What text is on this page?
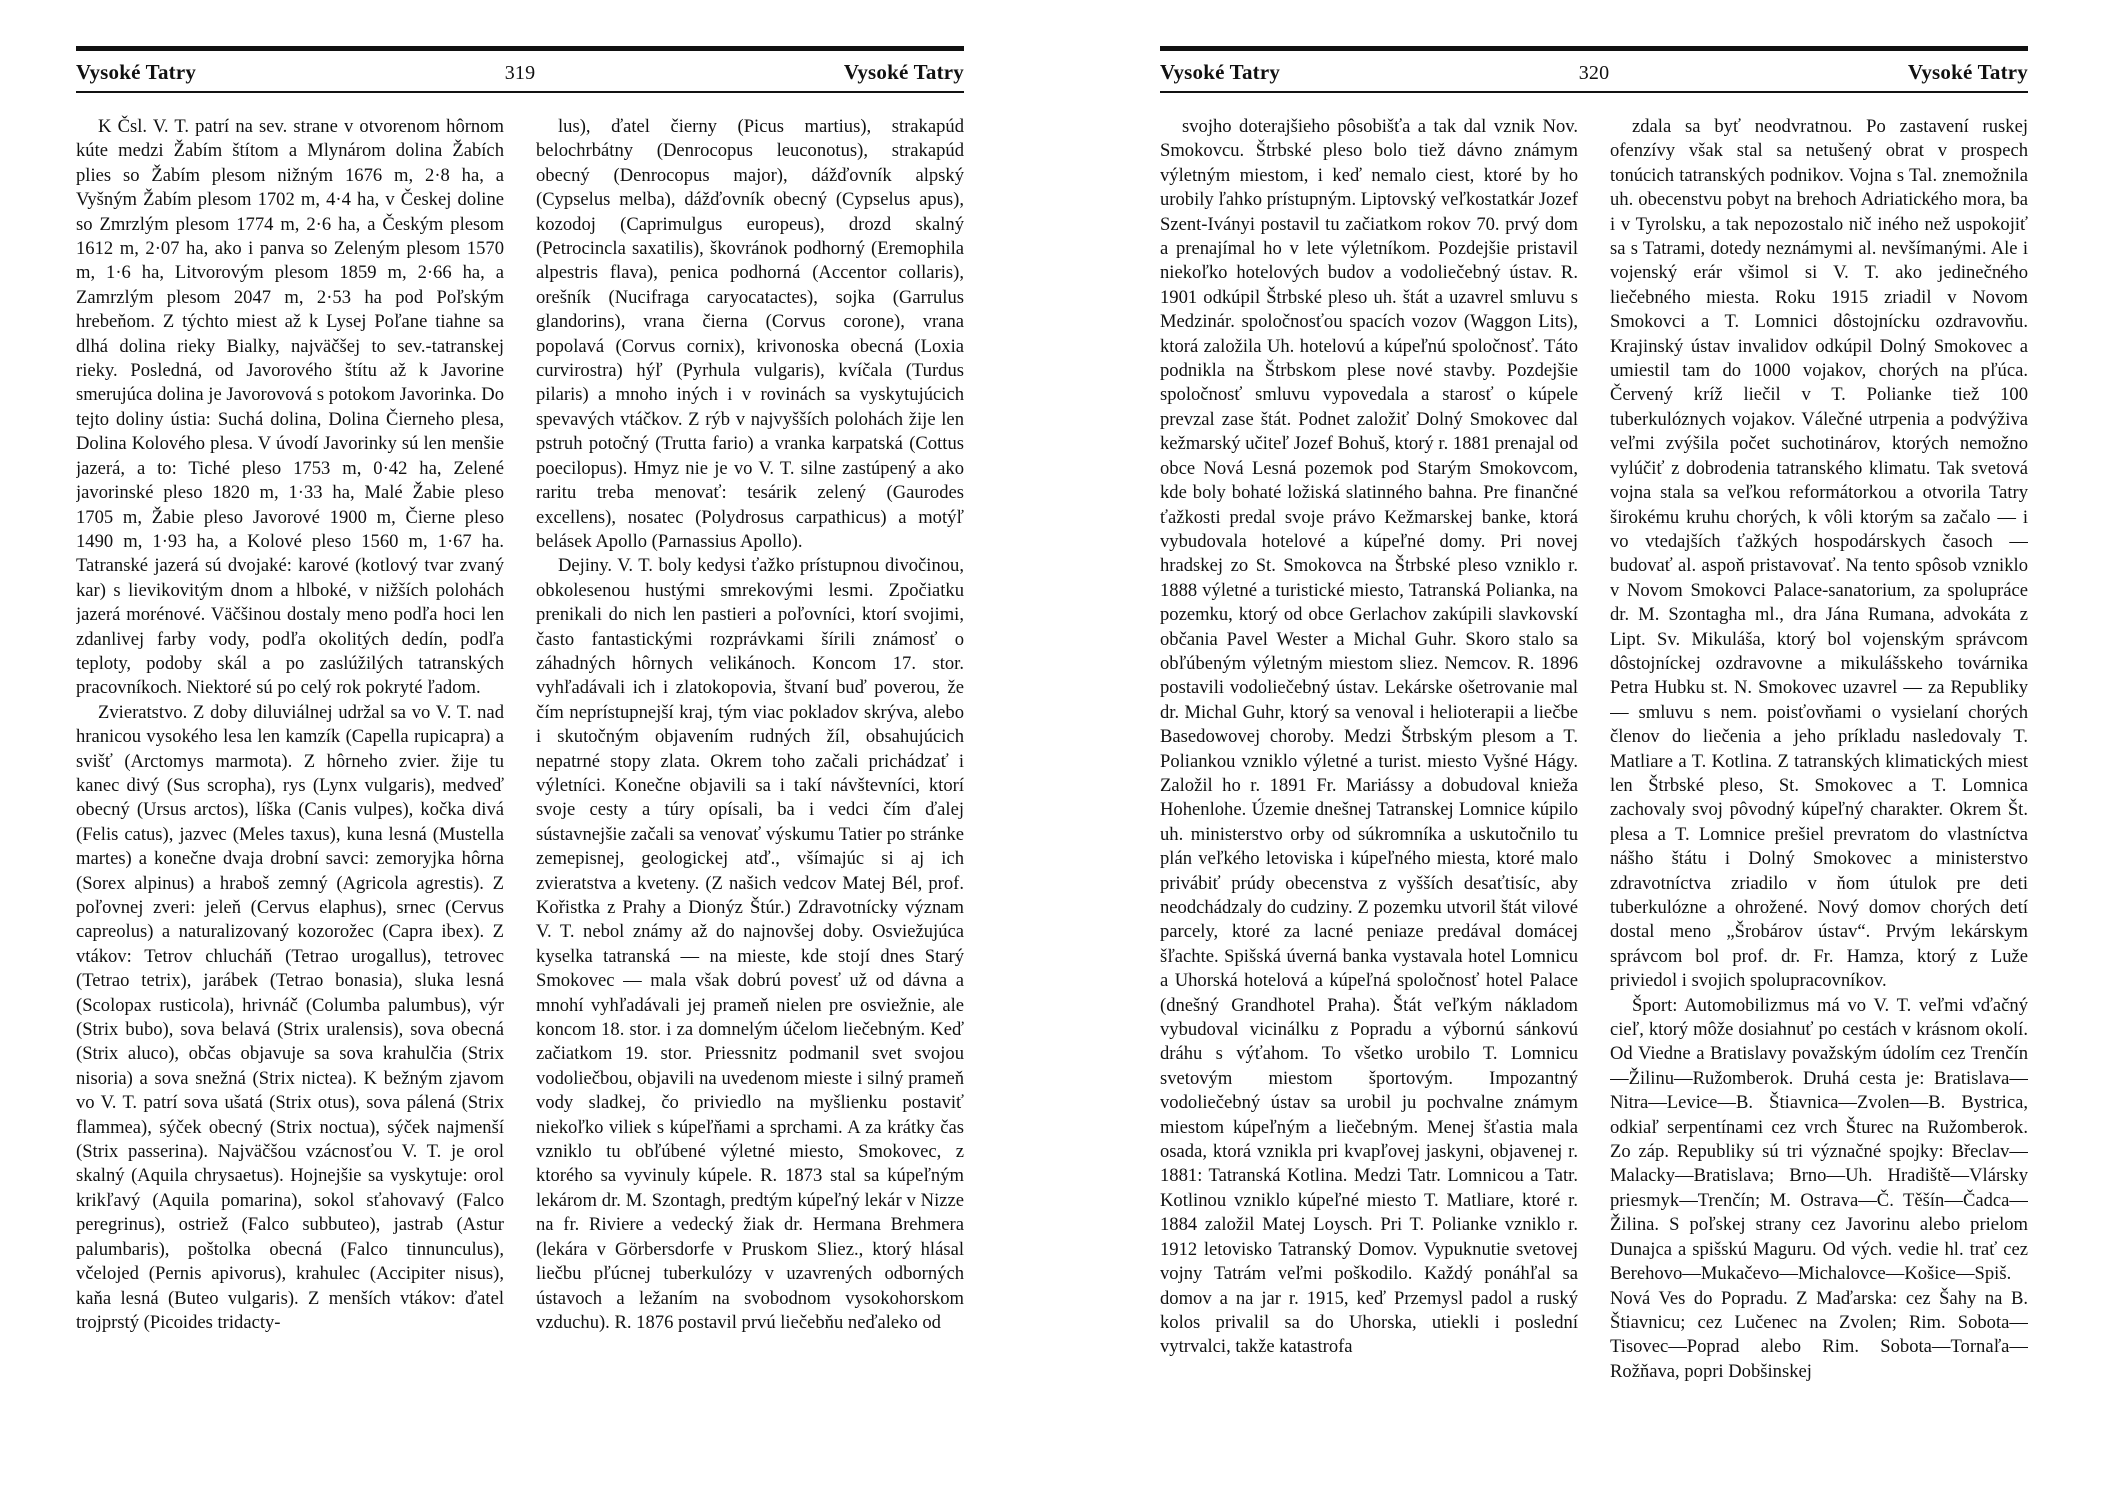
Vysoké Tatry	319	Vysoké Tatry

K Čsl. V. T. patrí na sev. strane v otvorenom hôrnom kúte medzi Žabím štítom a Mlynárom dolina Žabích plies so Žabím plesom nižným 1676 m, 2·8 ha, a Vyšným Žabím plesom 1702 m, 4·4 ha, v Českej doline so Zmrzlým plesom 1774 m, 2·6 ha, a Českým plesom 1612 m, 2·07 ha, ako i panva so Zeleným plesom 1570 m, 1·6 ha, Litvorovým plesom 1859 m, 2·66 ha, a Zamrzlým plesom 2047 m, 2·53 ha pod Poľským hrebeňom. Z týchto miest až k Lysej Poľane tiahne sa dlhá dolina rieky Bialky, najväčšej to sev.-tatranskej rieky. Posledná, od Javorového štítu až k Javorine smerujúca dolina je Javorovová s potokom Javorinka. Do tejto doliny ústia: Suchá dolina, Dolina Čierneho plesa, Dolina Kolového plesa. V úvodí Javorinky sú len menšie jazerá, a to: Tiché pleso 1753 m, 0·42 ha, Zelené javorinské pleso 1820 m, 1·33 ha, Malé Žabie pleso 1705 m, Žabie pleso Javorové 1900 m, Čierne pleso 1490 m, 1·93 ha, a Kolové pleso 1560 m, 1·67 ha. Tatranské jazerá sú dvojaké: karové (kotlový tvar zvaný kar) s lievikovitým dnom a hlboké, v nižších polohách jazerá morénové. Väčšinou dostaly meno podľa hoci len zdanlivej farby vody, podľa okolitých dedín, podľa teploty, podoby skál a po zaslúžilých tatranských pracovníkoch. Niektoré sú po celý rok pokryté ľadom.

Zvieratstvo. Z doby diluviálnej udržal sa vo V. T. nad hranicou vysokého lesa len kamzík (Capella rupicapra) a svišť (Arctomys marmota). Z hôrneho zvier. žije tu kanec divý (Sus scropha), rys (Lynx vulgaris), medveď obecný (Ursus arctos), líška (Canis vulpes), kočka divá (Felis catus), jazvec (Meles taxus), kuna lesná (Mustella martes) a konečne dvaja drobní savci: zemoryjka hôrna (Sorex alpinus) a hraboš zemný (Agricola agrestis). Z poľovnej zveri: jeleň (Cervus elaphus), srnec (Cervus capreolus) a naturalizovaný kozorožec (Capra ibex). Z vtákov: Tetrov chlucháň (Tetrao urogallus), tetrovec (Tetrao tetrix), jarábek (Tetrao bonasia), sluka lesná (Scolopax rusticola), hrivnáč (Columba palumbus), výr (Strix bubo), sova belavá (Strix uralensis), sova obecná (Strix aluco), občas objavuje sa sova krahulčia (Strix nisoria) a sova snežná (Strix nictea). K bežným zjavom vo V. T. patrí sova ušatá (Strix otus), sova pálená (Strix flammea), sýček obecný (Strix noctua), sýček najmenší (Strix passerina). Najväčšou vzácnosťou V. T. je orol skalný (Aquila chrysaetus). Hojnejšie sa vyskytuje: orol krikľavý (Aquila pomarina), sokol sťahovavý (Falco peregrinus), ostriež (Falco subbuteo), jastrab (Astur palumbaris), poštolka obecná (Falco tinnunculus), včelojed (Pernis apivorus), krahulec (Accipiter nisus), kaňa lesná (Buteo vulgaris). Z menších vtákov: ďatel trojprstý (Picoides tridacty-

lus), ďatel čierny (Picus martius), strakapúd belochrbátny (Denrocopus leuconotus), strakapúd obecný (Denrocopus major), dážďovník alpský (Cypselus melba), dážďovník obecný (Cypselus apus), kozodoj (Caprimulgus europeus), drozd skalný (Petrocincla saxatilis), škovránok podhorný (Eremophila alpestris flava), penica podhorná (Accentor collaris), orešník (Nucifraga caryocatactes), sojka (Garrulus glandorins), vrana čierna (Corvus corone), vrana popolavá (Corvus cornix), krivonoska obecná (Loxia curvirostra) hýľ (Pyrhula vulgaris), kvíčala (Turdus pilaris) a mnoho iných i v rovinách sa vyskytujúcich spevavých vtáčkov. Z rýb v najvyšších polohách žije len pstruh potočný (Trutta fario) a vranka karpatská (Cottus poecilopus). Hmyz nie je vo V. T. silne zastúpený a ako raritu treba menovať: tesárik zelený (Gaurodes excellens), nosatec (Polydrosus carpathicus) a motýľ belásek Apollo (Parnassius Apollo).

Dejiny. V. T. boly kedysi ťažko prístupnou divočinou, obkolesenou hustými smrekovými lesmi. Zpočiatku prenikali do nich len pastieri a poľovníci, ktorí svojimi, často fantastickými rozprávkami šírili známosť o záhadných hôrnych velikánoch. Koncom 17. stor. vyhľadávali ich i zlatokopovia, štvaní buď poverou, že čím neprístupnejší kraj, tým viac pokladov skrýva, alebo i skutočným objavením rudných žíl, obsahujúcich nepatrné stopy zlata. Okrem toho začali prichádzať i výletníci. Konečne objavili sa i takí návštevníci, ktorí svoje cesty a túry opísali, ba i vedci čím ďalej sústavnejšie začali sa venovať výskumu Tatier po stránke zemepisnej, geologickej atď., všímajúc si aj ich zvieratstva a kveteny. (Z našich vedcov Matej Bél, prof. Kořistka z Prahy a Dionýz Štúr.) Zdravotnícky význam V. T. nebol známy až do najnovšej doby. Osviežujúca kyselka tatranská — na mieste, kde stojí dnes Starý Smokovec — mala však dobrú povesť už od dávna a mnohí vyhľadávali jej prameň nielen pre osviežnie, ale koncom 18. stor. i za domnelým účelom liečebným. Keď začiatkom 19. stor. Priessnitz podmanil svet svojou vodoliečbou, objavili na uvedenom mieste i silný prameň vody sladkej, čo priviedlo na myšlienku postaviť niekoľko viliek s kúpeľňami a sprchami. A za krátky čas vzniklo tu obľúbené výletné miesto, Smokovec, z ktorého sa vyvinuly kúpele. R. 1873 stal sa kúpeľným lekárom dr. M. Szontagh, predtým kúpeľný lekár v Nizze na fr. Riviere a vedecký žiak dr. Hermana Brehmera (lekára v Görbersdorfe v Pruskom Sliez., ktorý hlásal liečbu pľúcnej tuberkulózy v uzavrených odborných ústavoch a ležaním na svobodnom vysokohorskom vzduchu). R. 1876 postavil prvú liečebňu neďaleko od

Vysoké Tatry	320	Vysoké Tatry

svojho doterajšieho pôsobišťa a tak dal vznik Nov. Smokovcu. Štrbské pleso bolo tiež dávno známym výletným miestom, i keď nemalo ciest, ktoré by ho urobily ľahko prístupným. Liptovský veľkostatkár Jozef Szent-Iványi postavil tu začiatkom rokov 70. prvý dom a prenajímal ho v lete výletníkom. Pozdejšie pristavil niekoľko hotelových budov a vodoliečebný ústav. R. 1901 odkúpil Štrbské pleso uh. štát a uzavrel smluvu s Medzinár. spoločnosťou spacích vozov (Waggon Lits), ktorá založila Uh. hotelovú a kúpeľnú spoločnosť. Táto podnikla na Štrbskom plese nové stavby. Pozdejšie spoločnosť smluvu vypovedala a starosť o kúpele prevzal zase štát. Podnet založiť Dolný Smokovec dal kežmarský učiteľ Jozef Bohuš, ktorý r. 1881 prenajal od obce Nová Lesná pozemok pod Starým Smokovcom, kde boly bohaté ložiská slatinného bahna. Pre finančné ťažkosti predal svoje právo Kežmarskej banke, ktorá vybudovala hotelové a kúpeľné domy. Pri novej hradskej zo St. Smokovca na Štrbské pleso vzniklo r. 1888 výletné a turistické miesto, Tatranská Polianka, na pozemku, ktorý od obce Gerlachov zakúpili slavkovskí občania Pavel Wester a Michal Guhr. Skoro stalo sa obľúbeným výletným miestom sliez. Nemcov. R. 1896 postavili vodoliečebný ústav. Lekárske ošetrovanie mal dr. Michal Guhr, ktorý sa venoval i helioterapii a liečbe Basedowovej choroby. Medzi Štrbským plesom a T. Poliankou vzniklo výletné a turist. miesto Vyšné Hágy. Založil ho r. 1891 Fr. Mariássy a dobudoval knieža Hohenlohe. Územie dnešnej Tatranskej Lomnice kúpilo uh. ministerstvo orby od súkromníka a uskutočnilo tu plán veľkého letoviska i kúpeľného miesta, ktoré malo privábiť prúdy obecenstva z vyšších desaťtisíc, aby neodchádzaly do cudziny. Z pozemku utvoril štát vilové parcely, ktoré za lacné peniaze predával domácej šľachte. Spišská úverná banka vystavala hotel Lomnicu a Uhorská hotelová a kúpeľná spoločnosť hotel Palace (dnešný Grandhotel Praha). Štát veľkým nákladom vybudoval vicinálku z Popradu a výbornú sánkovú dráhu s výťahom. To všetko urobilo T. Lomnicu svetovým miestom športovým. Impozantný vodoliečebný ústav sa urobil ju pochvalne známym miestom kúpeľným a liečebným. Menej šťastia mala osada, ktorá vznikla pri kvapľovej jaskyni, objavenej r. 1881: Tatranská Kotlina. Medzi Tatr. Lomnicou a Tatr. Kotlinou vzniklo kúpeľné miesto T. Matliare, ktoré r. 1884 založil Matej Loysch. Pri T. Polianke vzniklo r. 1912 letovisko Tatranský Domov. Vypuknutie svetovej vojny Tatrám veľmi poškodilo. Každý ponáhľal sa domov a na jar r. 1915, keď Przemysl padol a ruský kolos privalil sa do Uhorska, utiekli i poslední vytrvalci, takže katastrofa

zdala sa byť neodvratnou. Po zastavení ruskej ofenzívy však stal sa netušený obrat v prospech tonúcich tatranských podnikov. Vojna s Tal. znemožnila uh. obecenstvu pobyt na brehoch Adriatického mora, ba i v Tyrolsku, a tak nepozostalo nič iného než uspokojiť sa s Tatrami, dotedy neznámymi al. nevšímanými. Ale i vojenský erár všimol si V. T. ako jedinečného liečebného miesta. Roku 1915 zriadil v Novom Smokovci a T. Lomnici dôstojnícku ozdravovňu. Krajinský ústav invalidov odkúpil Dolný Smokovec a umiestil tam do 1000 vojakov, chorých na pľúca. Červený kríž liečil v T. Polianke tiež 100 tuberkulóznych vojakov. Válečné utrpenia a podvýživa veľmi zvýšila počet suchotinárov, ktorých nemožno vylúčiť z dobrodenia tatranského klimatu. Tak svetová vojna stala sa veľkou reformátorkou a otvorila Tatry širokému kruhu chorých, k vôli ktorým sa začalo — i vo vtedajších ťažkých hospodárskych časoch — budovať al. aspoň pristavovať. Na tento spôsob vzniklo v Novom Smokovci Palace-sanatorium, za spolupráce dr. M. Szontagha ml., dra Jána Rumana, advokáta z Lipt. Sv. Mikuláša, ktorý bol vojenským správcom dôstojníckej ozdravovne a mikulášskeho továrnika Petra Hubku st. N. Smokovec uzavrel — za Republiky — smluvu s nem. poisťovňami o vysielaní chorých členov do liečenia a jeho príkladu nasledovaly T. Matliare a T. Kotlina. Z tatranských klimatických miest len Štrbské pleso, St. Smokovec a T. Lomnica zachovaly svoj pôvodný kúpeľný charakter. Okrem Št. plesa a T. Lomnice prešiel prevratom do vlastníctva nášho štátu i Dolný Smokovec a ministerstvo zdravotníctva zriadilo v ňom útulok pre deti tuberkulózne a ohrožené. Nový domov chorých detí dostal meno „Šrobárov ústav“. Prvým lekárskym správcom bol prof. dr. Fr. Hamza, ktorý z Luže priviedol i svojich spolupracovníkov.

Šport: Automobilizmus má vo V. T. veľmi vďačný cieľ, ktorý môže dosiahnuť po cestách v krásnom okolí. Od Viedne a Bratislavy považským údolím cez Trenčín—Žilinu—Ružomberok. Druhá cesta je: Bratislava—Nitra—Levice—B. Štiavnica—Zvolen—B. Bystrica, odkiaľ serpentínami cez vrch Šturec na Ružomberok. Zo záp. Republiky sú tri význačné spojky: Břeclav—Malacky—Bratislava; Brno—Uh. Hradiště—Vlársky priesmyk—Trenčín; M. Ostrava—Č. Těšín—Čadca—Žilina. S poľskej strany cez Javorinu alebo prielom Dunajca a spišskú Maguru. Od vých. vedie hl. trať cez Berehovo—Mukačevo—Michalovce—Košice—Spiš. Nová Ves do Popradu. Z Maďarska: cez Šahy na B. Štiavnicu; cez Lučenec na Zvolen; Rim. Sobota—Tisovec—Poprad alebo Rim. Sobota—Tornaľa—Rožňava, popri Dobšinskej
